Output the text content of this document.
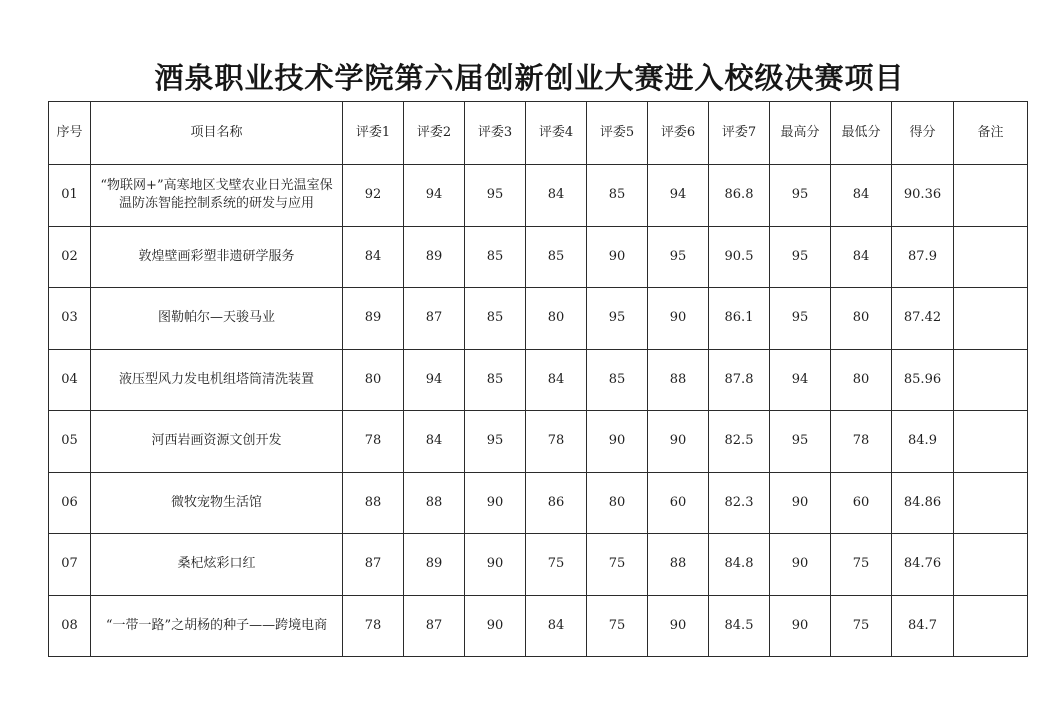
酒泉职业技术学院第六届创新创业大赛进入校级决赛项目
序号	项目名称	评委1	评委2	评委3	评委4	评委5	评委6	评委7	最高分	最低分	得分	备注
01	“物联网+”高寒地区戈壁农业日光温室保温防冻智能控制系统的研发与应用	92	94	95	84	85	94	86.8	95	84	90.36	
02	敦煌壁画彩塑非遗研学服务	84	89	85	85	90	95	90.5	95	84	87.9	
03	图勒帕尔—天骏马业	89	87	85	80	95	90	86.1	95	80	87.42	
04	液压型风力发电机组塔筒清洗装置	80	94	85	84	85	88	87.8	94	80	85.96	
05	河西岩画资源文创开发	78	84	95	78	90	90	82.5	95	78	84.9	
06	微牧宠物生活馆	88	88	90	86	80	60	82.3	90	60	84.86	
07	桑杞炫彩口红	87	89	90	75	75	88	84.8	90	75	84.76	
08	“一带一路”之胡杨的种子——跨境电商	78	87	90	84	75	90	84.5	90	75	84.7	
